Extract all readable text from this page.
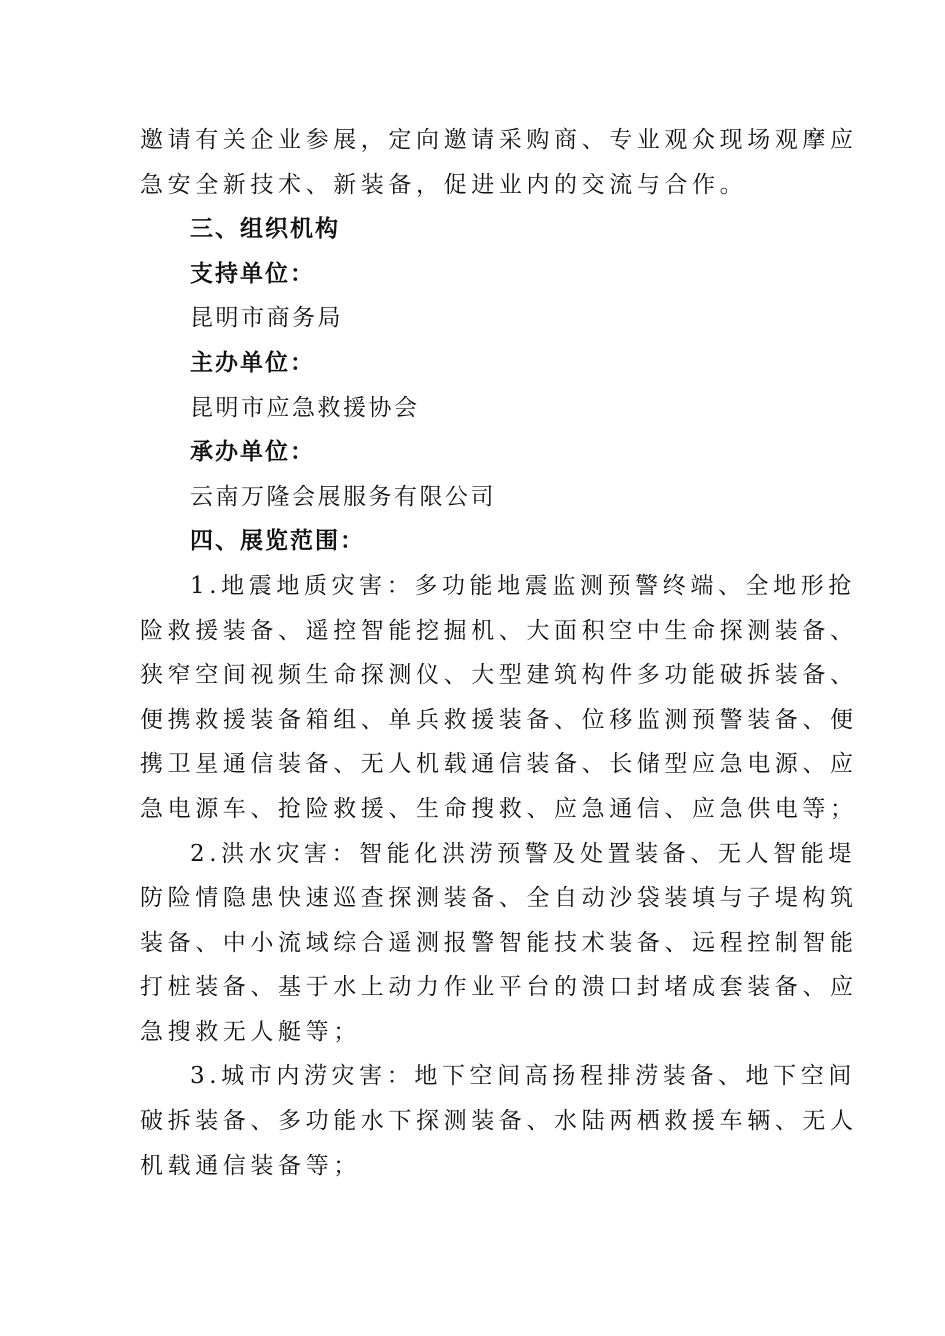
邀请有关企业参展，定向邀请采购商、专业观众现场观摩应
急安全新技术、新装备，促进业内的交流与合作。
三、组织机构
支持单位：
昆明市商务局
主办单位：
昆明市应急救援协会
承办单位：
云南万隆会展服务有限公司
四、展览范围：
1.地震地质灾害：多功能地震监测预警终端、全地形抢
险救援装备、遥控智能挖掘机、大面积空中生命探测装备、
狭窄空间视频生命探测仪、大型建筑构件多功能破拆装备、
便携救援装备箱组、单兵救援装备、位移监测预警装备、便
携卫星通信装备、无人机载通信装备、长储型应急电源、应
急电源车、抢险救援、生命搜救、应急通信、应急供电等；
2.洪水灾害：智能化洪涝预警及处置装备、无人智能堤
防险情隐患快速巡查探测装备、全自动沙袋装填与子堤构筑
装备、中小流域综合遥测报警智能技术装备、远程控制智能
打桩装备、基于水上动力作业平台的溃口封堵成套装备、应
急搜救无人艇等；
3.城市内涝灾害：地下空间高扬程排涝装备、地下空间
破拆装备、多功能水下探测装备、水陆两栖救援车辆、无人
机载通信装备等；
